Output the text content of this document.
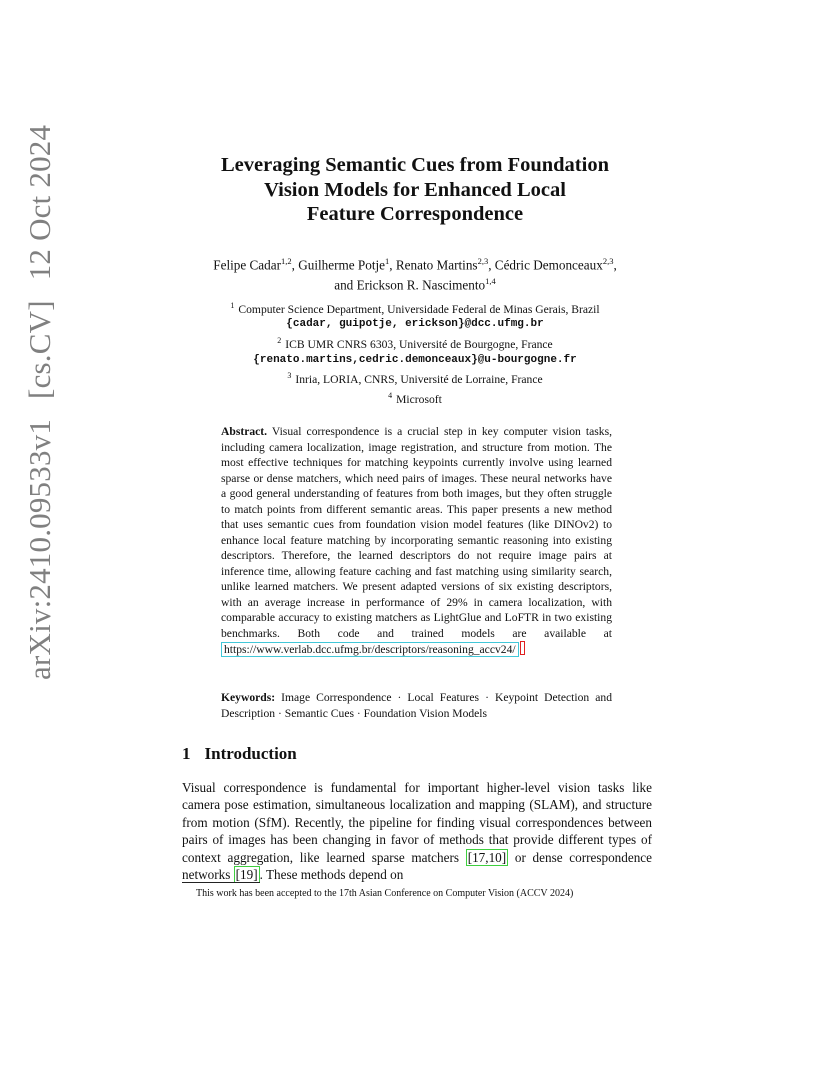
arXiv:2410.09533v1[cs.CV]12 Oct 2024	Leveraging Semantic Cues from Foundation
Vision Models for Enhanced Local
Feature Correspondence
Felipe Cadar$^{1,2}$, Guilherme Potje$^1$, Renato Martins$^{2,3}$, Cédric Demonceaux$^{2,3}$,
and Erickson R. Nascimento$^{1,4}$
$^1$ Computer Science Department, Universidade Federal de Minas Gerais, Brazil
{cadar, guipotje, erickson}@dcc.ufmg.br
$^2$ ICB UMR CNRS 6303, Université de Bourgogne, France
{renato.martins,cedric.demonceaux}@u-bourgogne.fr
$^3$ Inria, LORIA, CNRS, Université de Lorraine, France
$^4$ Microsoft
Abstract. Visual correspondence is a crucial step in key computer vision tasks, including camera localization, image registration, and structure from motion. The most effective techniques for matching keypoints currently involve using learned sparse or dense matchers, which need pairs of images. These neural networks have a good general understanding of features from both images, but they often struggle to match points from different semantic areas. This paper presents a new method that uses semantic cues from foundation vision model features (like DINOv2) to enhance local feature matching by incorporating semantic reasoning into existing descriptors. Therefore, the learned descriptors do not require image pairs at inference time, allowing feature caching and fast matching using similarity search, unlike learned matchers. We present adapted versions of six existing descriptors, with an average increase in performance of 29% in camera localization, with comparable accuracy to existing matchers as LightGlue and LoFTR in two existing benchmarks. Both code and trained models are available at https://www.verlab.dcc.ufmg.br/descriptors/reasoning_accv24/
Keywords: Image Correspondence · Local Features · Keypoint Detection and Description · Semantic Cues · Foundation Vision Models
1 Introduction
Visual correspondence is fundamental for important higher-level vision tasks like camera pose estimation, simultaneous localization and mapping (SLAM), and structure from motion (SfM). Recently, the pipeline for finding visual correspondences between pairs of images has been changing in favor of methods that provide different types of context aggregation, like learned sparse matchers [17,10] or dense correspondence networks [19] . These methods depend on
This work has been accepted to the 17th Asian Conference on Computer Vision (ACCV 2024)
